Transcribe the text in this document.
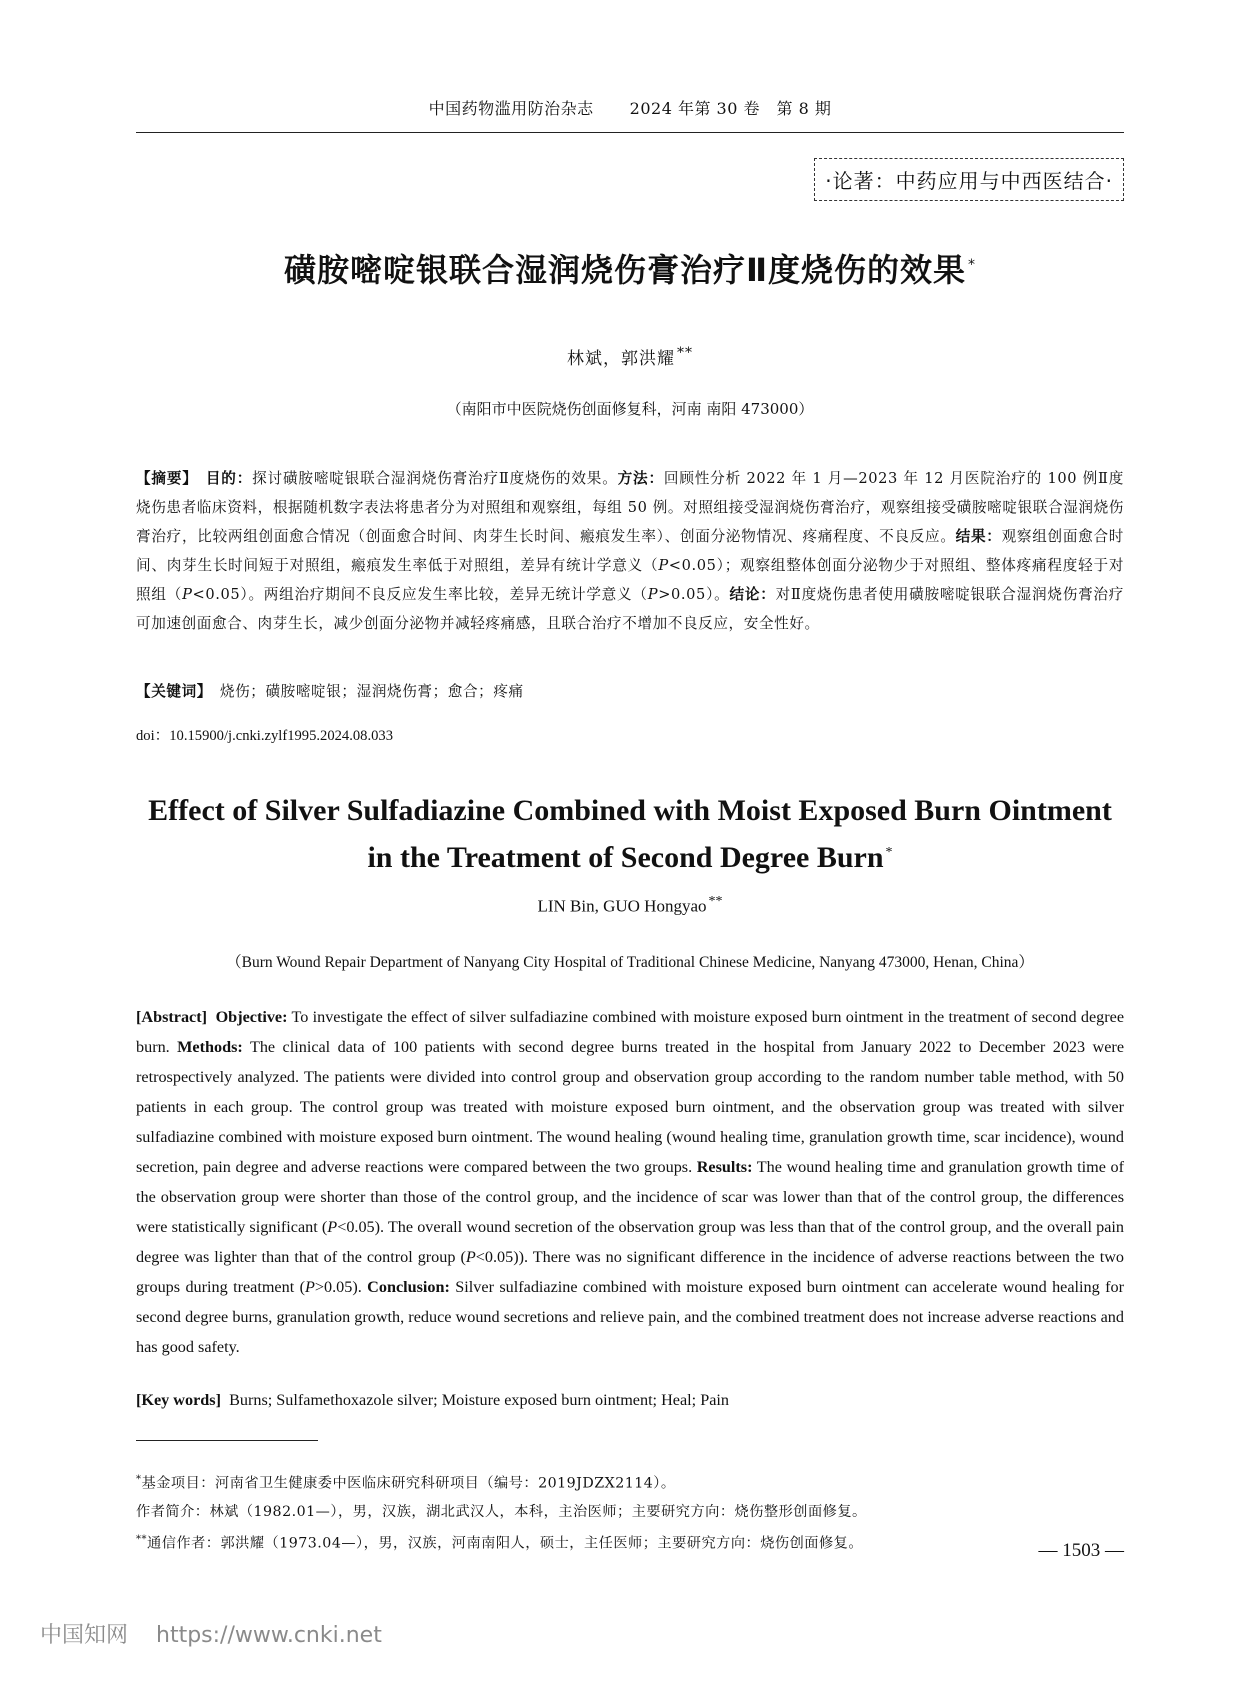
中国药物滥用防治杂志 2024 年第 30 卷　第 8 期
·论著：中药应用与中西医结合·
磺胺嘧啶银联合湿润烧伤膏治疗Ⅱ度烧伤的效果 *
林斌，郭洪耀 **
（南阳市中医院烧伤创面修复科，河南 南阳 473000）
【摘要】　 目的：探讨磺胺嘧啶银联合湿润烧伤膏治疗Ⅱ度烧伤的效果。方法：回顾性分析 2022 年 1 月—2023 年 12 月医院治疗的 100 例Ⅱ度烧伤患者临床资料，根据随机数字表法将患者分为对照组和观察组，每组 50 例。对照组接受湿润烧伤膏治疗，观察组接受磺胺嘧啶银联合湿润烧伤膏治疗，比较两组创面愈合情况（创面愈合时间、肉芽生长时间、瘢痕发生率）、创面分泌物情况、疼痛程度、不良反应。结果：观察组创面愈合时间、肉芽生长时间短于对照组，瘢痕发生率低于对照组，差异有统计学意义（P<0.05）；观察组整体创面分泌物少于对照组、整体疼痛程度轻于对照组（P<0.05）。两组治疗期间不良反应发生率比较，差异无统计学意义（P>0.05）。结论：对Ⅱ度烧伤患者使用磺胺嘧啶银联合湿润烧伤膏治疗可加速创面愈合、肉芽生长，减少创面分泌物并减轻疼痛感，且联合治疗不增加不良反应，安全性好。
【关键词】　 烧伤；磺胺嘧啶银；湿润烧伤膏；愈合；疼痛
doi：10.15900/j.cnki.zylf1995.2024.08.033
Effect of Silver Sulfadiazine Combined with Moist Exposed Burn Ointment
in the Treatment of Second Degree Burn *
LIN Bin, GUO Hongyao **
（Burn Wound Repair Department of Nanyang City Hospital of Traditional Chinese Medicine, Nanyang 473000, Henan, China）
[Abstract] Objective: To investigate the effect of silver sulfadiazine combined with moisture exposed burn ointment in the treatment of second degree burn. Methods: The clinical data of 100 patients with second degree burns treated in the hospital from January 2022 to December 2023 were retrospectively analyzed. The patients were divided into control group and observation group according to the random number table method, with 50 patients in each group. The control group was treated with moisture exposed burn ointment, and the observation group was treated with silver sulfadiazine combined with moisture exposed burn ointment. The wound healing (wound healing time, granulation growth time, scar incidence), wound secretion, pain degree and adverse reactions were compared between the two groups. Results: The wound healing time and granulation growth time of the observation group were shorter than those of the control group, and the incidence of scar was lower than that of the control group, the differences were statistically significant (P<0.05). The overall wound secretion of the observation group was less than that of the control group, and the overall pain degree was lighter than that of the control group (P<0.05)). There was no significant difference in the incidence of adverse reactions between the two groups during treatment (P>0.05). Conclusion: Silver sulfadiazine combined with moisture exposed burn ointment can accelerate wound healing for second degree burns, granulation growth, reduce wound secretions and relieve pain, and the combined treatment does not increase adverse reactions and has good safety.
[Key words] Burns; Sulfamethoxazole silver; Moisture exposed burn ointment; Heal; Pain
*基金项目：河南省卫生健康委中医临床研究科研项目（编号：2019JDZX2114）。
作者简介：林斌（1982.01—），男，汉族，湖北武汉人，本科，主治医师；主要研究方向：烧伤整形创面修复。
**通信作者：郭洪耀（1973.04—），男，汉族，河南南阳人，硕士，主任医师；主要研究方向：烧伤创面修复。	— 1503 —
中国知网 https://www.cnki.net
